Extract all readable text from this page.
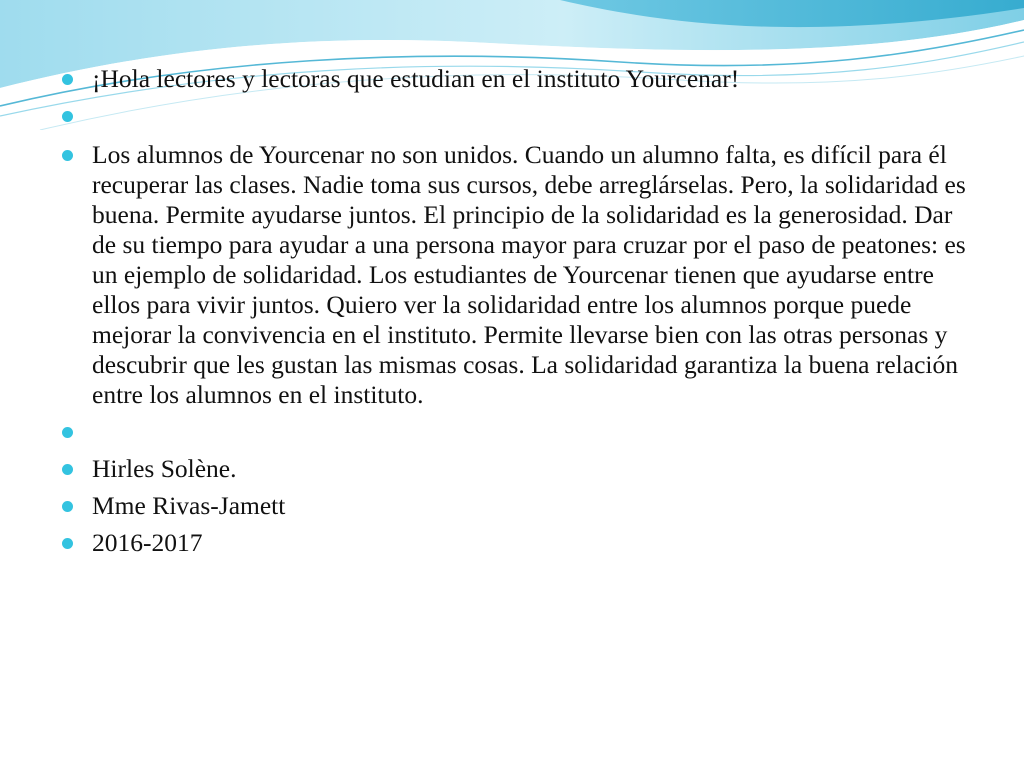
¡Hola lectores y lectoras que estudian en el instituto Yourcenar!
Los alumnos de Yourcenar no son unidos. Cuando un alumno falta, es difícil para él recuperar las clases. Nadie toma sus cursos, debe arreglárselas. Pero, la solidaridad es buena. Permite ayudarse juntos. El principio de la solidaridad es la generosidad. Dar de su tiempo para ayudar a una persona mayor para cruzar por el paso de peatones: es un ejemplo de solidaridad. Los estudiantes de Yourcenar tienen que ayudarse entre ellos para vivir juntos. Quiero ver la solidaridad entre los alumnos porque puede mejorar la convivencia en el instituto. Permite llevarse bien con las otras personas y descubrir que les gustan las mismas cosas. La solidaridad garantiza la buena relación entre los alumnos en el instituto.
Hirles Solène.
Mme Rivas-Jamett
2016-2017
